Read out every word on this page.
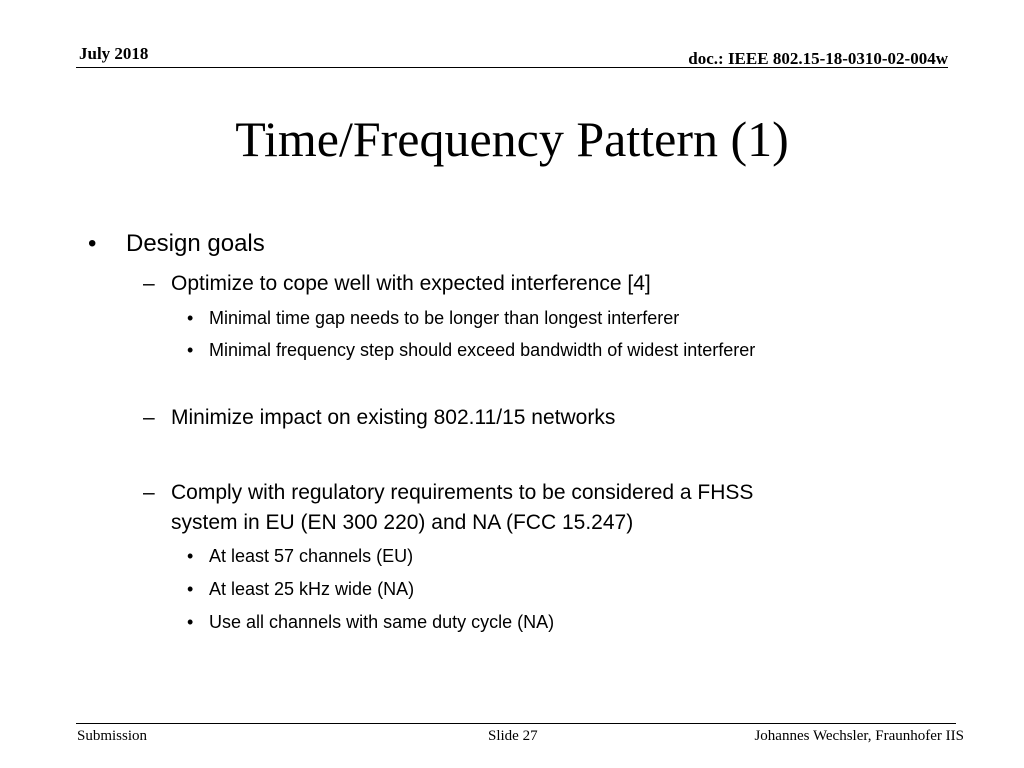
July 2018	doc.: IEEE 802.15-18-0310-02-004w
Time/Frequency Pattern (1)
• Design goals
– Optimize to cope well with expected interference [4]
• Minimal time gap needs to be longer than longest interferer
• Minimal frequency step should exceed bandwidth of widest interferer
– Minimize impact on existing 802.11/15 networks
– Comply with regulatory requirements to be considered a FHSS
system in EU (EN 300 220) and NA (FCC 15.247)
• At least 57 channels (EU)
• At least 25 kHz wide (NA)
• Use all channels with same duty cycle (NA)
Submission	Slide 27	Johannes Wechsler, Fraunhofer IIS
